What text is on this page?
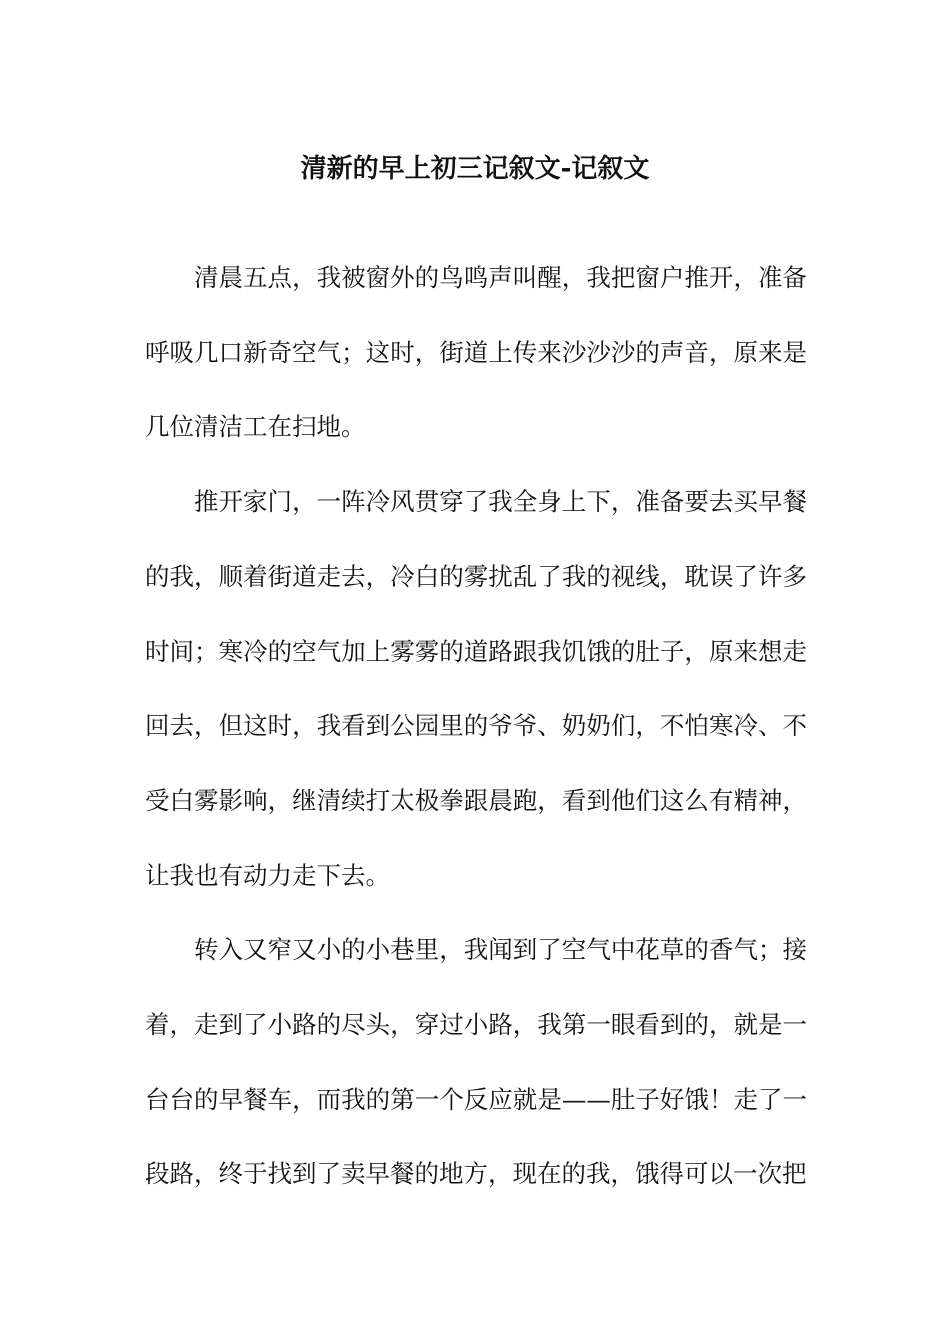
清新的早上初三记叙文-记叙文

清晨五点，我被窗外的鸟鸣声叫醒，我把窗户推开，准备呼吸几口新奇空气；这时，街道上传来沙沙沙的声音，原来是几位清洁工在扫地。

推开家门，一阵冷风贯穿了我全身上下，准备要去买早餐的我，顺着街道走去，冷白的雾扰乱了我的视线，耽误了许多时间；寒冷的空气加上雾雾的道路跟我饥饿的肚子，原来想走回去，但这时，我看到公园里的爷爷、奶奶们，不怕寒冷、不受白雾影响，继清续打太极拳跟晨跑，看到他们这么有精神，让我也有动力走下去。

转入又窄又小的小巷里，我闻到了空气中花草的香气；接着，走到了小路的尽头，穿过小路，我第一眼看到的，就是一台台的早餐车，而我的第一个反应就是——肚子好饿！走了一段路，终于找到了卖早餐的地方，现在的我，饿得可以一次把
